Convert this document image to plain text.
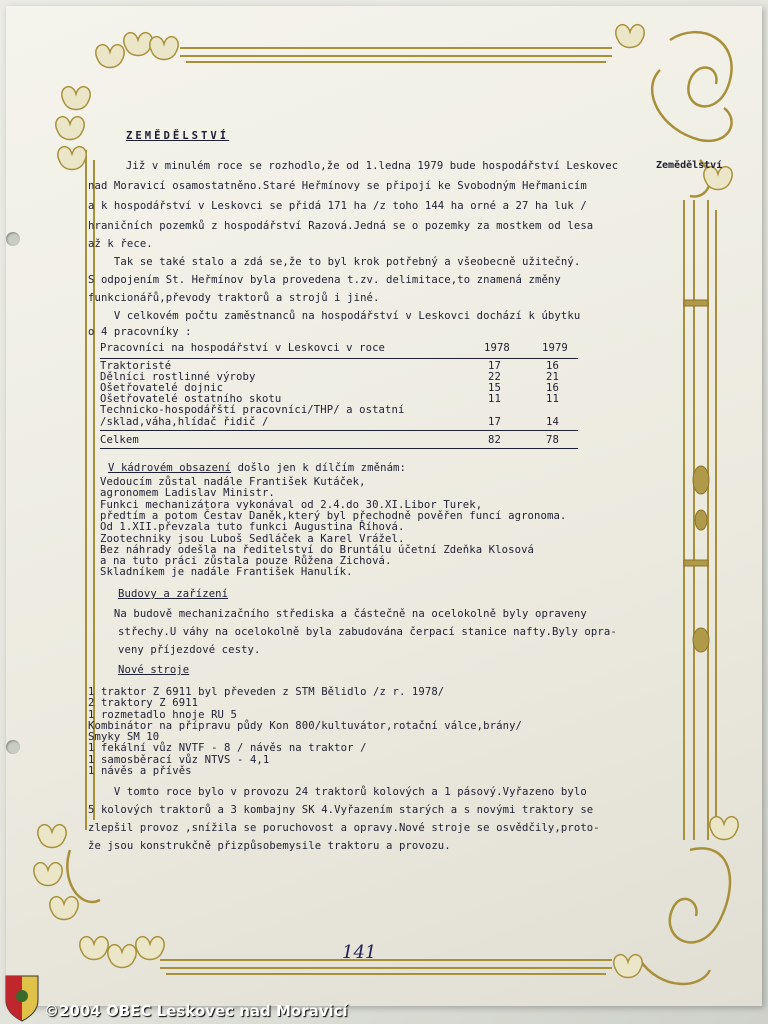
Zemědělství
ZEMĚDĚLSTVÍ
Již v minulém roce se rozhodlo,že od 1.ledna 1979 bude hospodářství Leskovec
nad Moravicí osamostatněno.Staré Heřmínovy se připojí ke Svobodným Heřmanicím
a k hospodářství v Leskovci se přidá 171 ha /z toho 144 ha orné a 27 ha luk /
hraničních pozemků z hospodářství Razová.Jedná se o pozemky za mostkem od lesa
až k řece.
Tak se také stalo a zdá se,že to byl krok potřebný a všeobecně užitečný.
S odpojením St. Heřmínov byla provedena t.zv. delimitace,to znamená změny
funkcionářů,převody traktorů a strojů i jiné.
V celkovém počtu zaměstnanců na hospodářství v Leskovci dochází k úbytku
o 4 pracovníky :
Pracovníci na hospodářství v Leskovci v roce	1978	1979
Traktoristé	17	16
Dělníci rostlinné výroby	22	21
Ošetřovatelé dojnic	15	16
Ošetřovatelé ostatního skotu	11	11
Technicko-hospodářští pracovníci/THP/ a ostatní
/sklad,váha,hlídač řidič /	17	14
Celkem	82	78
V kádrovém obsazení došlo jen k dílčím změnám:
Vedoucím zůstal nadále František Kutáček,
agronomem Ladislav Ministr.
Funkci mechanizátora vykonával od 2.4.do 30.XI.Libor Turek,
předtím a potom Čestav Daněk,který byl přechodně pověřen funcí agronoma.
Od 1.XII.převzala tuto funkci Augustina Říhová.
Zootechniky jsou Luboš Sedláček a Karel Vrážel.
Bez náhrady odešla na ředitelství do Bruntálu účetní Zdeňka Klosová
a na tuto práci zůstala pouze Růžena Zichová.
Skladníkem je nadále František Hanulík.
Budovy a zařízení
Na budově mechanizačního střediska a částečně na ocelokolně byly opraveny
střechy.U váhy na ocelokolně byla zabudována čerpací stanice nafty.Byly opra-
veny příjezdové cesty.
Nové stroje
1 traktor Z 6911 byl převeden z STM Bělidlo /z r. 1978/
2 traktory Z 6911
1 rozmetadlo hnoje RU 5
Kombinátor na přípravu půdy Kon 800/kultuvátor,rotační válce,brány/
Smyky SM 10
1 fekální vůz NVTF - 8 / návěs na traktor /
1 samosběrací vůz NTVS - 4,1
1 návěs a přívěs
V tomto roce bylo v provozu 24 traktorů kolových a 1 pásový.Vyřazeno bylo
5 kolových traktorů a 3 kombajny SK 4.Vyřazením starých a s novými traktory se
zlepšil provoz ,snížila se poruchovost a opravy.Nové stroje se osvědčily,proto-
že jsou konstrukčně přizpůsobemysile traktoru a provozu.
141
©2004 OBEC Leskovec nad Moravicí
